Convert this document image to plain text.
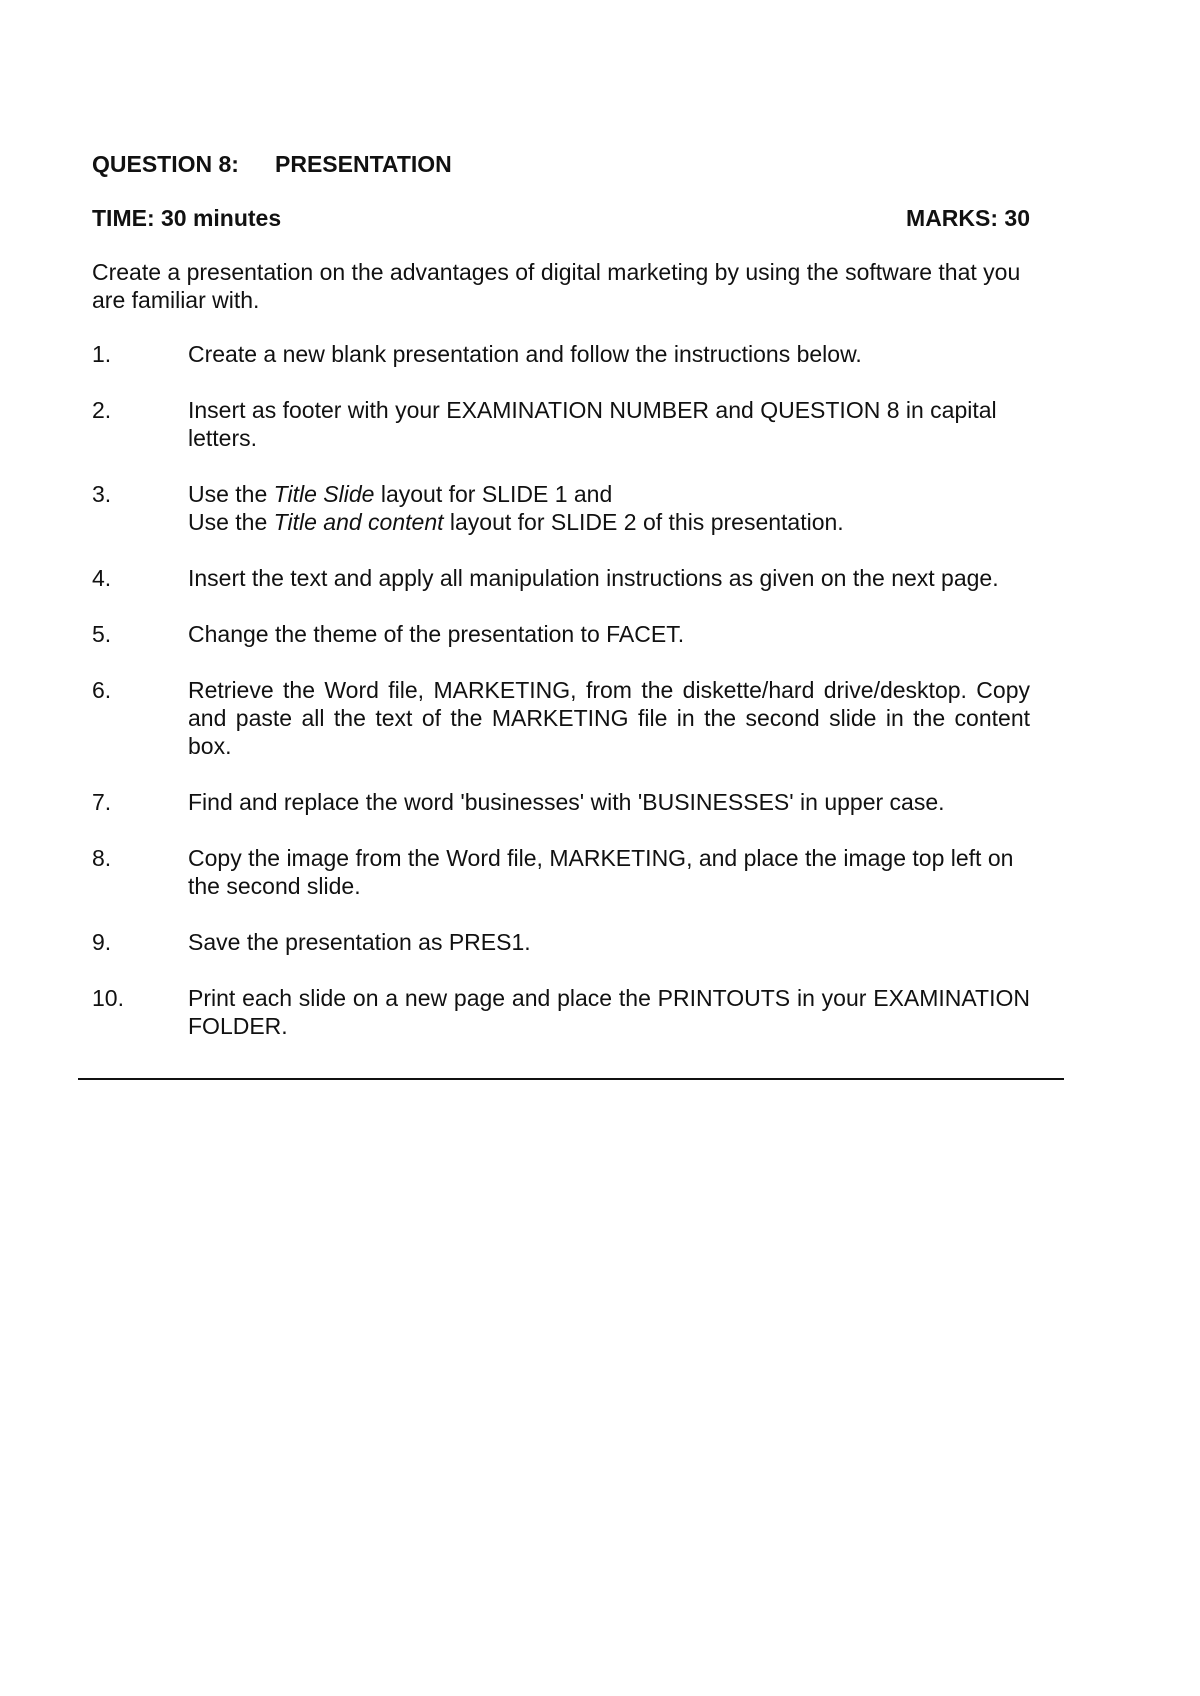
QUESTION 8: PRESENTATION
TIME: 30 minutes	MARKS: 30
Create a presentation on the advantages of digital marketing by using the software that you are familiar with.
1.	Create a new blank presentation and follow the instructions below.
2.	Insert as footer with your EXAMINATION NUMBER and QUESTION 8 in capital letters.
3.	Use the Title Slide layout for SLIDE 1 and
Use the Title and content layout for SLIDE 2 of this presentation.
4.	Insert the text and apply all manipulation instructions as given on the next page.
5.	Change the theme of the presentation to FACET.
6.	Retrieve the Word file, MARKETING, from the diskette/hard drive/desktop. Copy and paste all the text of the MARKETING file in the second slide in the content box.
7.	Find and replace the word 'businesses' with 'BUSINESSES' in upper case.
8.	Copy the image from the Word file, MARKETING, and place the image top left on the second slide.
9.	Save the presentation as PRES1.
10.	Print each slide on a new page and place the PRINTOUTS in your EXAMINATION FOLDER.
